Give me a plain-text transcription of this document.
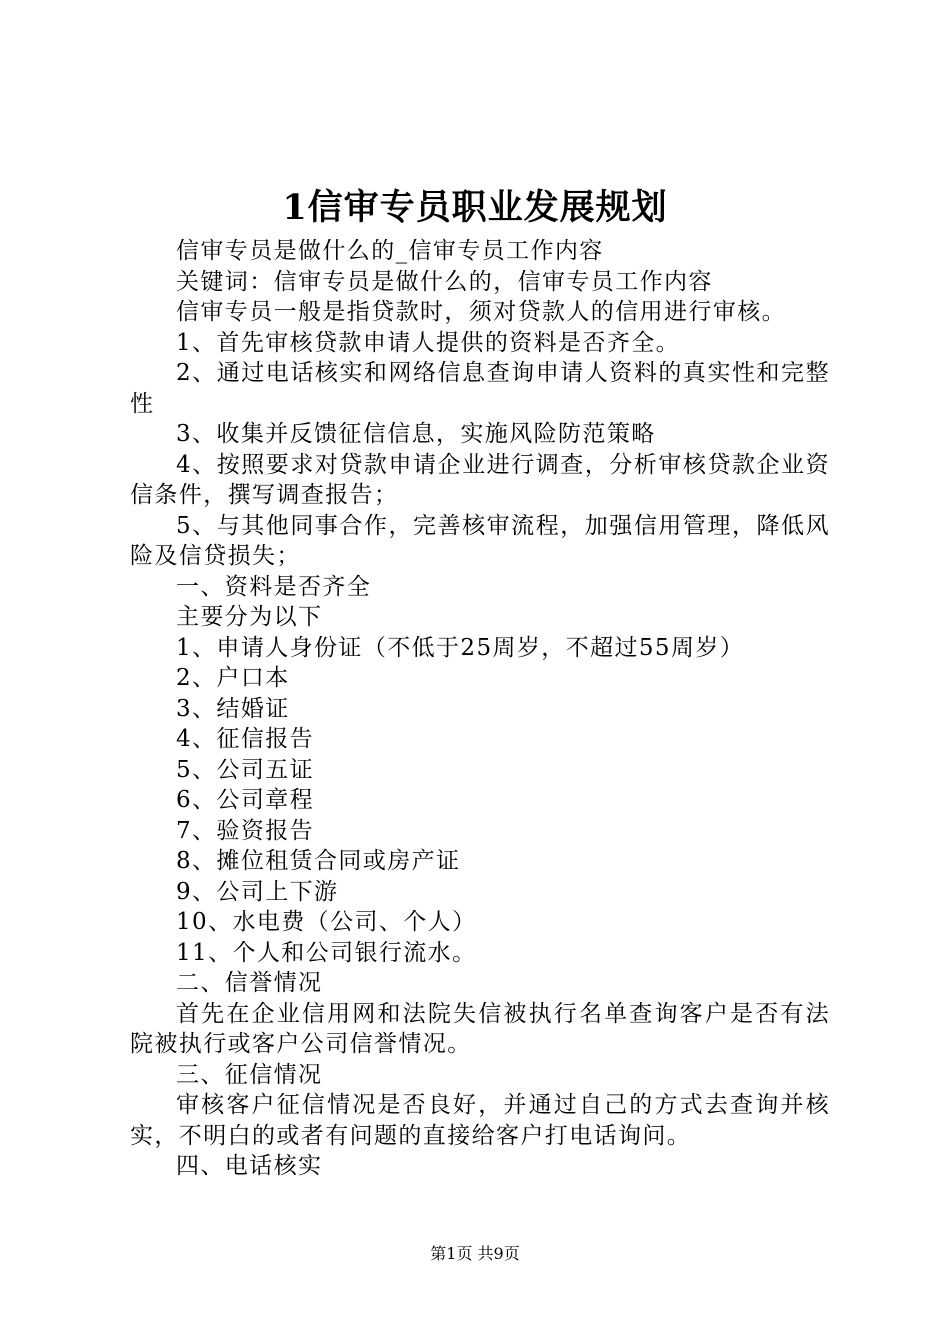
1信审专员职业发展规划

信审专员是做什么的_信审专员工作内容

关键词：信审专员是做什么的，信审专员工作内容

信审专员一般是指贷款时，须对贷款人的信用进行审核。

1、首先审核贷款申请人提供的资料是否齐全。

2、通过电话核实和网络信息查询申请人资料的真实性和完整性

3、收集并反馈征信信息，实施风险防范策略

4、按照要求对贷款申请企业进行调查，分析审核贷款企业资信条件，撰写调查报告；

5、与其他同事合作，完善核审流程，加强信用管理，降低风险及信贷损失；

一、资料是否齐全

主要分为以下

1、申请人身份证（不低于25周岁，不超过55周岁）

2、户口本

3、结婚证

4、征信报告

5、公司五证

6、公司章程

7、验资报告

8、摊位租赁合同或房产证

9、公司上下游

10、水电费（公司、个人）

11、个人和公司银行流水。

二、信誉情况

首先在企业信用网和法院失信被执行名单查询客户是否有法院被执行或客户公司信誉情况。

三、征信情况

审核客户征信情况是否良好，并通过自己的方式去查询并核实，不明白的或者有问题的直接给客户打电话询问。

四、电话核实

第1页 共9页
